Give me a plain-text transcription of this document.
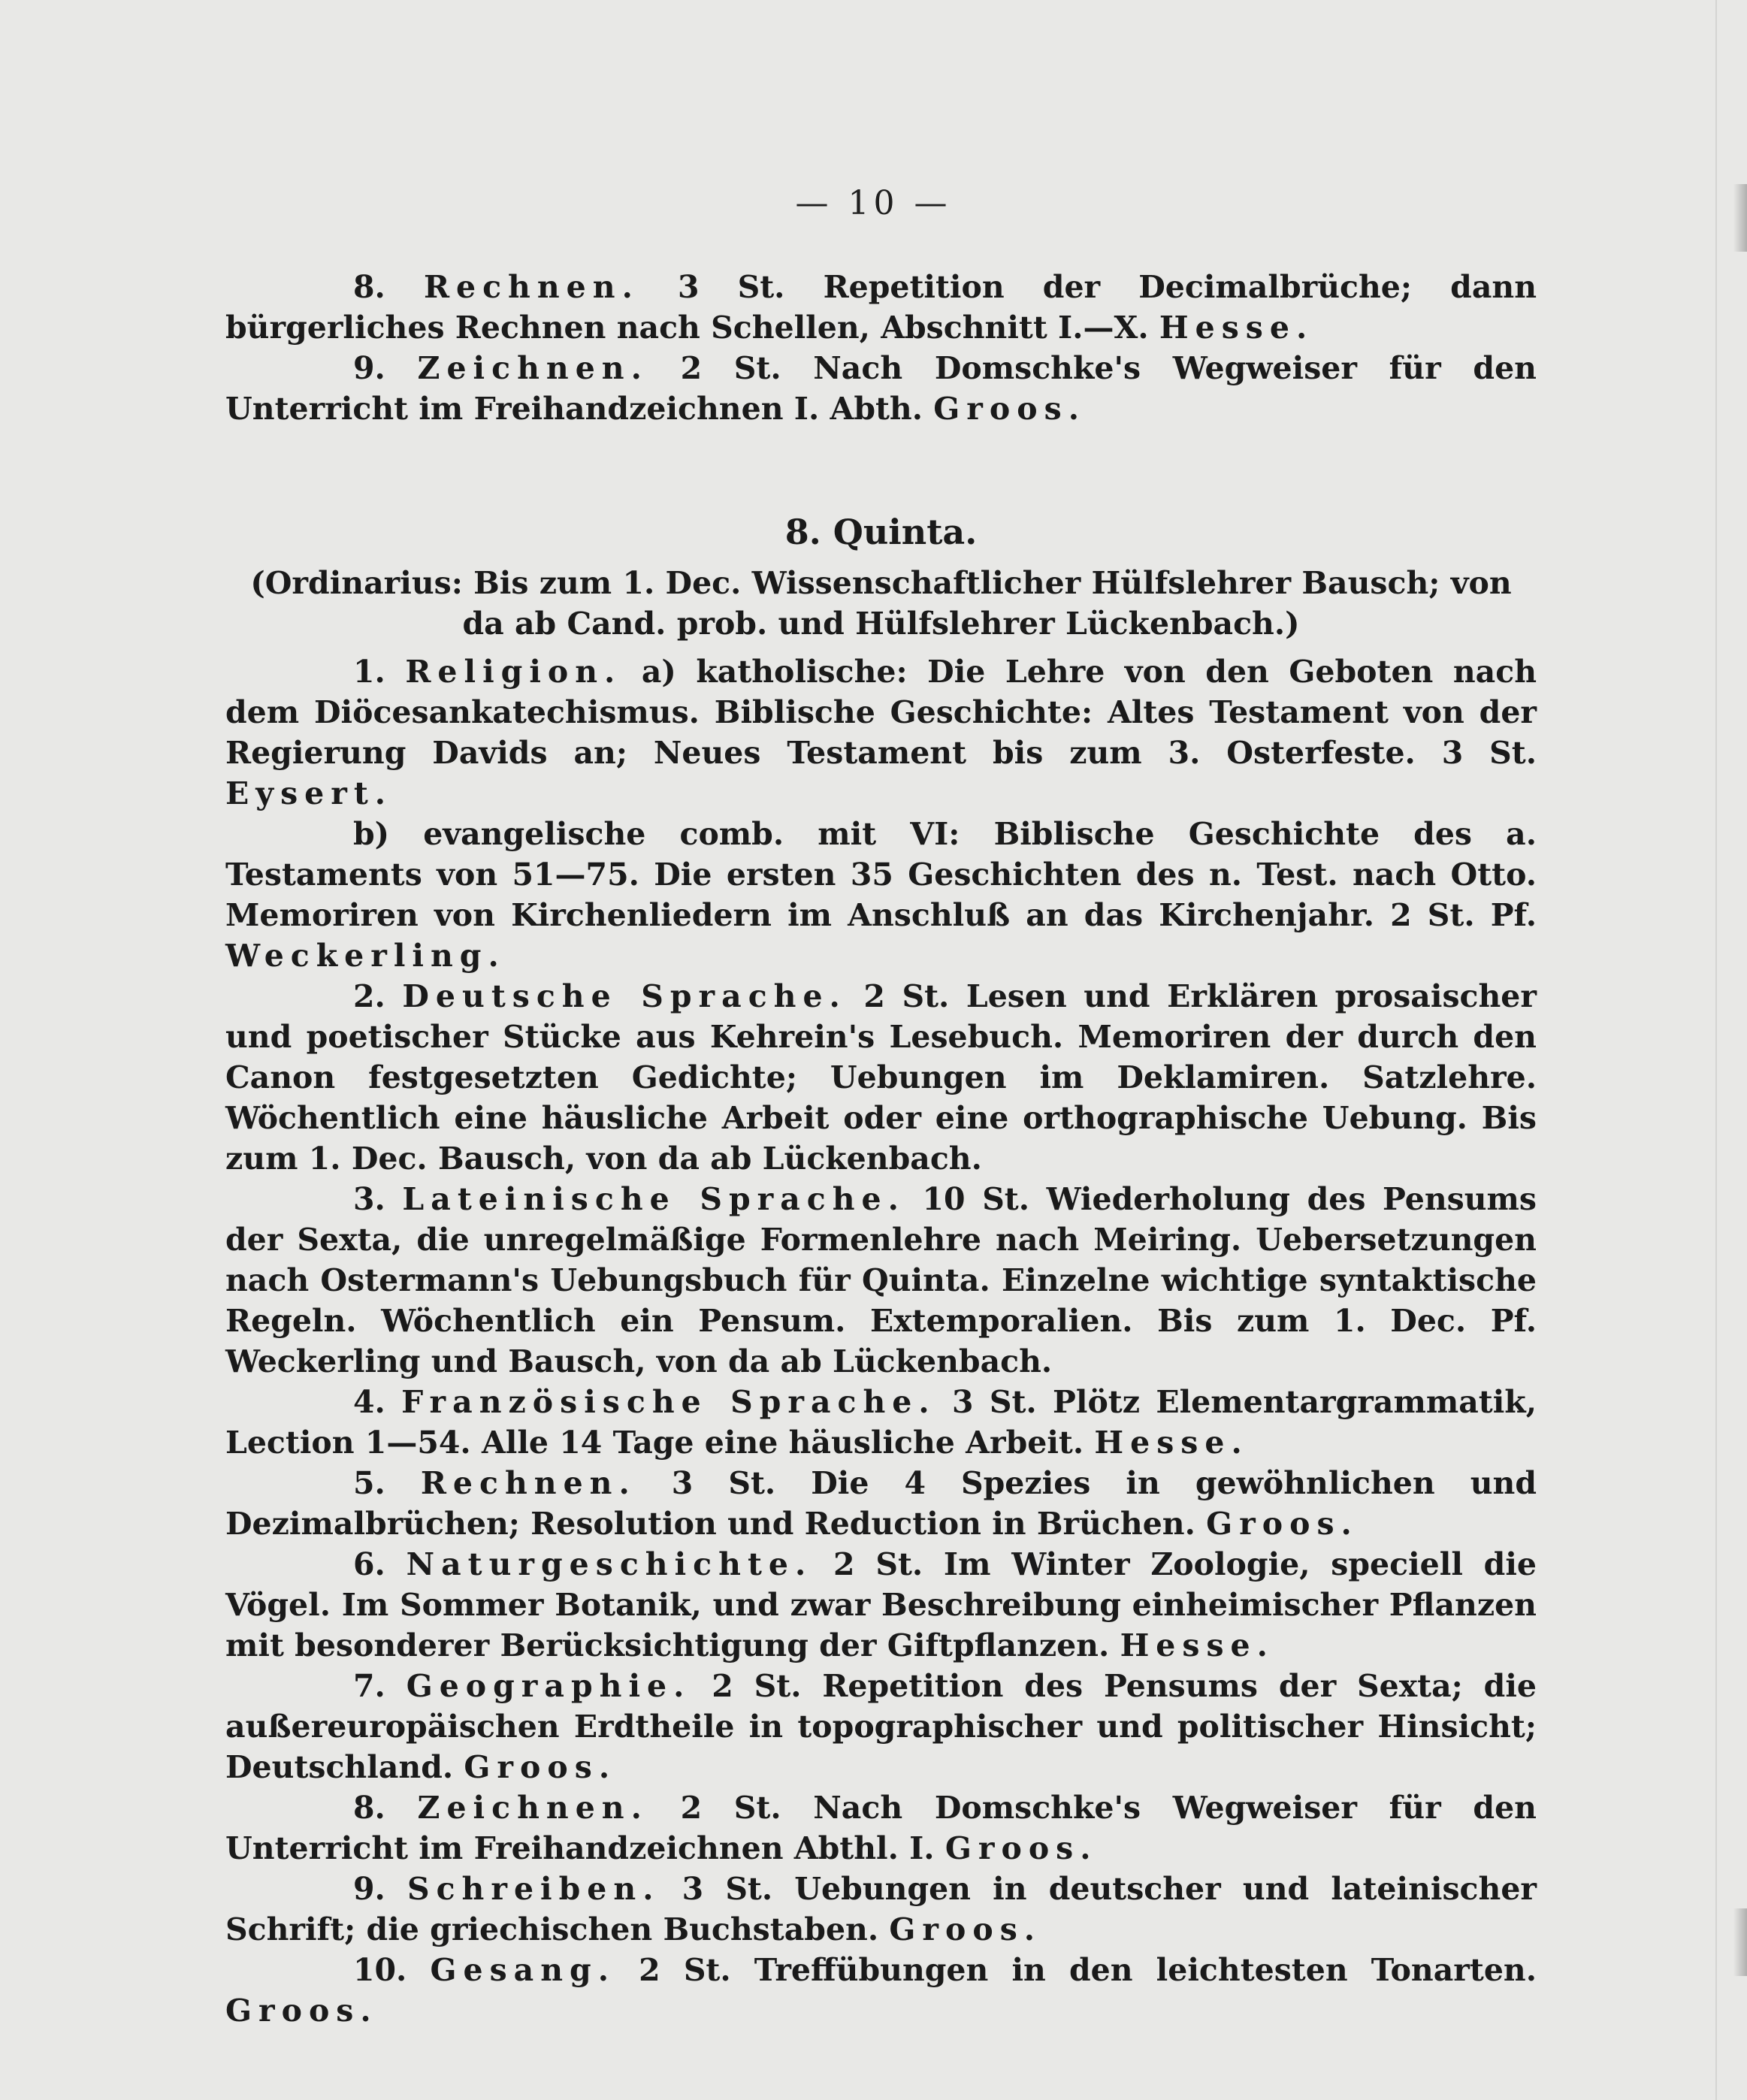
— 10 —

8. Rechnen. 3 St. Repetition der Decimalbrüche; dann bürgerliches Rechnen nach Schellen, Abschnitt I.—X. Hesse.

9. Zeichnen. 2 St. Nach Domschke's Wegweiser für den Unterricht im Freihandzeichnen I. Abth. Groos.

8. Quinta.

(Ordinarius: Bis zum 1. Dec. Wissenschaftlicher Hülfslehrer Bausch; von da ab Cand. prob. und Hülfslehrer Lückenbach.)

1. Religion. a) katholische: Die Lehre von den Geboten nach dem Diöcesankatechismus. Biblische Geschichte: Altes Testament von der Regierung Davids an; Neues Testament bis zum 3. Osterfeste. 3 St. Eysert.

b) evangelische comb. mit VI: Biblische Geschichte des a. Testaments von 51—75. Die ersten 35 Geschichten des n. Test. nach Otto. Memoriren von Kirchenliedern im Anschluß an das Kirchenjahr. 2 St. Pf. Weckerling.

2. Deutsche Sprache. 2 St. Lesen und Erklären prosaischer und poetischer Stücke aus Kehrein's Lesebuch. Memoriren der durch den Canon festgesetzten Gedichte; Uebungen im Deklamiren. Satzlehre. Wöchentlich eine häusliche Arbeit oder eine orthographische Uebung. Bis zum 1. Dec. Bausch, von da ab Lückenbach.

3. Lateinische Sprache. 10 St. Wiederholung des Pensums der Sexta, die unregelmäßige Formenlehre nach Meiring. Uebersetzungen nach Ostermann's Uebungsbuch für Quinta. Einzelne wichtige syntaktische Regeln. Wöchentlich ein Pensum. Extemporalien. Bis zum 1. Dec. Pf. Weckerling und Bausch, von da ab Lückenbach.

4. Französische Sprache. 3 St. Plötz Elementargrammatik, Lection 1—54. Alle 14 Tage eine häusliche Arbeit. Hesse.

5. Rechnen. 3 St. Die 4 Spezies in gewöhnlichen und Dezimalbrüchen; Resolution und Reduction in Brüchen. Groos.

6. Naturgeschichte. 2 St. Im Winter Zoologie, speciell die Vögel. Im Sommer Botanik, und zwar Beschreibung einheimischer Pflanzen mit besonderer Berücksichtigung der Giftpflanzen. Hesse.

7. Geographie. 2 St. Repetition des Pensums der Sexta; die außereuropäischen Erdtheile in topographischer und politischer Hinsicht; Deutschland. Groos.

8. Zeichnen. 2 St. Nach Domschke's Wegweiser für den Unterricht im Freihandzeichnen Abthl. I. Groos.

9. Schreiben. 3 St. Uebungen in deutscher und lateinischer Schrift; die griechischen Buchstaben. Groos.

10. Gesang. 2 St. Treffübungen in den leichtesten Tonarten. Groos.
